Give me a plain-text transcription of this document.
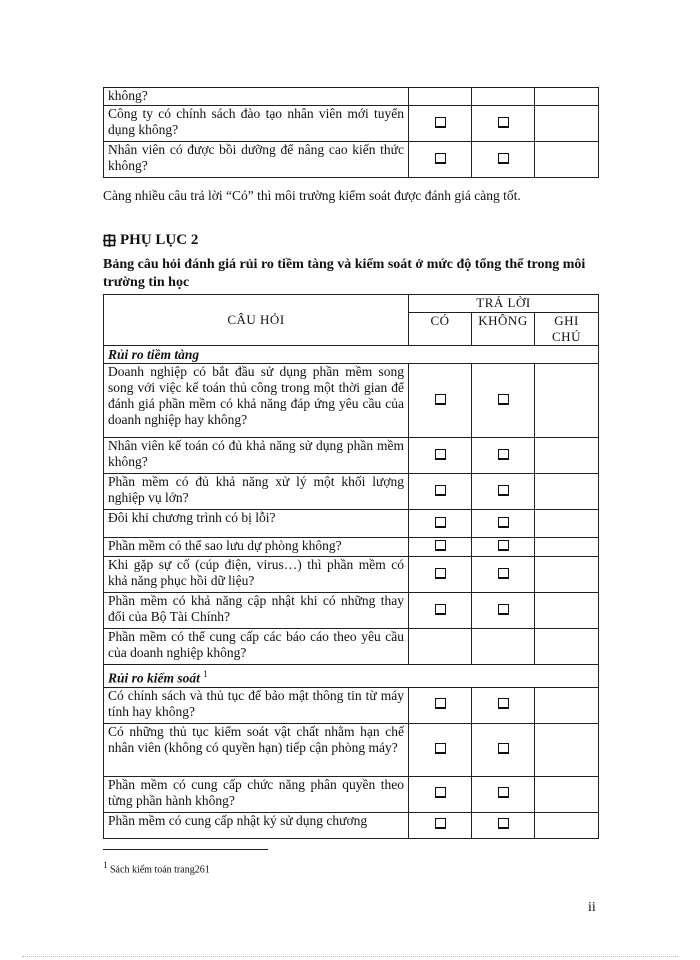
không?			
Công ty có chính sách đào tạo nhân viên mới tuyển dụng không?			
Nhân viên có được bồi dưỡng để nâng cao kiến thức không?			
Càng nhiều câu trả lời “Có” thì môi trường kiểm soát được đánh giá càng tốt.
PHỤ LỤC 2
Bảng câu hỏi đánh giá rủi ro tiềm tàng và kiểm soát ở mức độ tổng thể trong môi trường tin học
CÂU HỎI	TRẢ LỜI		
	CÓ	KHÔNG	GHI CHÚ
Rủi ro tiềm tàng			
Doanh nghiệp có bắt đầu sử dụng phần mềm song song với việc kế toán thủ công trong một thời gian để đánh giá phần mềm có khả năng đáp ứng yêu cầu của doanh nghiệp hay không?			
Nhân viên kế toán có đủ khả năng sử dụng phần mềm không?			
Phần mềm có đủ khả năng xử lý một khối lượng nghiệp vụ lớn?			
Đôi khi chương trình có bị lỗi?			
Phần mềm có thể sao lưu dự phòng không?			
Khi gặp sự cố (cúp điện, virus…) thì phần mềm có khả năng phục hồi dữ liệu?			
Phần mềm có khả năng cập nhật khi có những thay đổi của Bộ Tài Chính?			
Phần mềm có thể cung cấp các báo cáo theo yêu cầu của doanh nghiệp không?			
Rủi ro kiểm soát $^1$
Có chính sách và thủ tục để bảo mật thông tin từ máy tính hay không?			
Có những thủ tục kiểm soát vật chất nhằm hạn chế nhân viên (không có quyền hạn) tiếp cận phòng máy?			
Phần mềm có cung cấp chức năng phân quyền theo từng phần hành không?			
Phần mềm có cung cấp nhật ký sử dụng chương			
1 Sách kiểm toán trang261
ii
